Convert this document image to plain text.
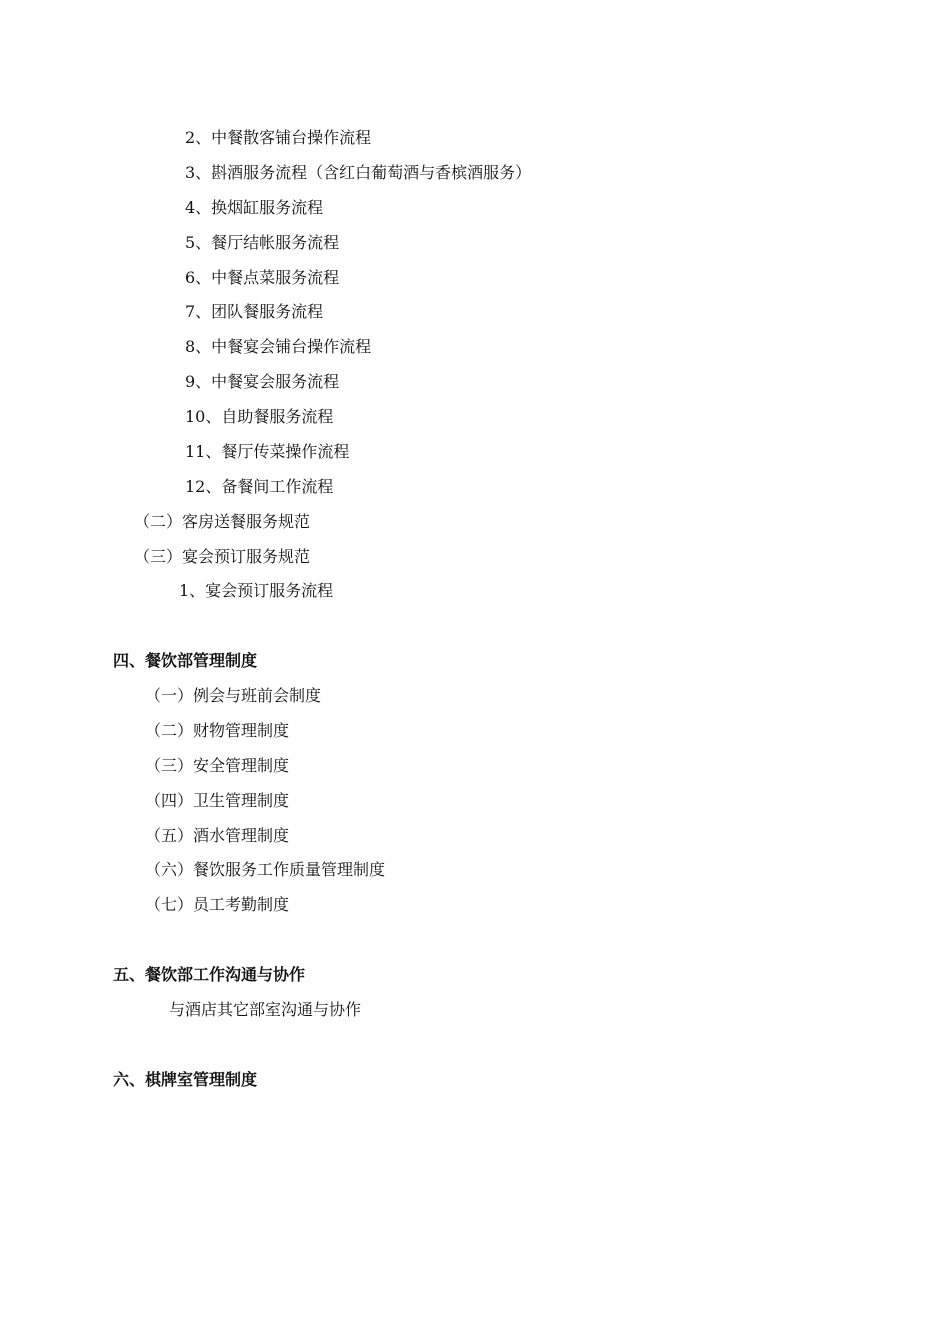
2、中餐散客铺台操作流程
3、斟酒服务流程（含红白葡萄酒与香槟酒服务）
4、换烟缸服务流程
5、餐厅结帐服务流程
6、中餐点菜服务流程
7、团队餐服务流程
8、中餐宴会铺台操作流程
9、中餐宴会服务流程
10、自助餐服务流程
11、餐厅传菜操作流程
12、备餐间工作流程
（二）客房送餐服务规范
（三）宴会预订服务规范
1、宴会预订服务流程
四、餐饮部管理制度
（一）例会与班前会制度
（二）财物管理制度
（三）安全管理制度
（四）卫生管理制度
（五）酒水管理制度
（六）餐饮服务工作质量管理制度
（七）员工考勤制度
五、餐饮部工作沟通与协作
与酒店其它部室沟通与协作
六、棋牌室管理制度
